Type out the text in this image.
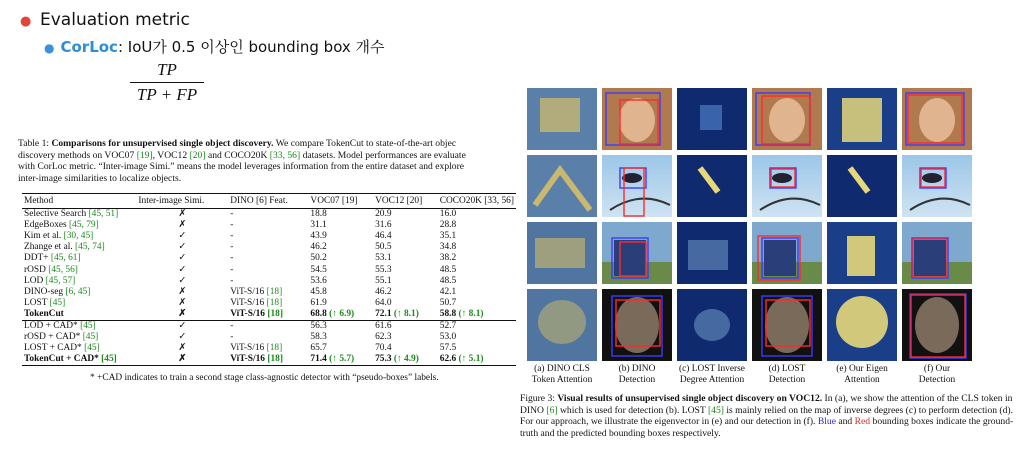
● Evaluation metric
● CorLoc: IoU가 0.5 이상인 bounding box 개수
TP
TP + FP
Table 1: Comparisons for unsupervised single object discovery. We compare TokenCut to state-of-the-art objec
discovery methods on VOC07 [19], VOC12 [20] and COCO20K [33, 56] datasets. Model performances are evaluate
with CorLoc metric. “Inter-image Simi.” means the model leverages information from the entire dataset and explore
inter-image similarities to localize objects.
Method	Inter-image Simi.	DINO [6] Feat.	VOC07 [19]	VOC12 [20]	COCO20K [33, 56]
Selective Search [45, 51]	✗	-	18.8	20.9	16.0
EdgeBoxes [45, 79]	✗	-	31.1	31.6	28.8
Kim et al. [30, 45]	✓	-	43.9	46.4	35.1
Zhange et al. [45, 74]	✓	-	46.2	50.5	34.8
DDT+ [45, 61]	✓	-	50.2	53.1	38.2
rOSD [45, 56]	✓	-	54.5	55.3	48.5
LOD [45, 57]	✓	-	53.6	55.1	48.5
DINO-seg [6, 45]	✗	ViT-S/16 [18]	45.8	46.2	42.1
LOST [45]	✗	ViT-S/16 [18]	61.9	64.0	50.7
TokenCut	✗	ViT-S/16 [18]	68.8 (↑ 6.9)	72.1 (↑ 8.1)	58.8 (↑ 8.1)
LOD + CAD* [45]	✓	-	56.3	61.6	52.7
rOSD + CAD* [45]	✓	-	58.3	62.3	53.0
LOST + CAD* [45]	✗	ViT-S/16 [18]	65.7	70.4	57.5
TokenCut + CAD* [45]	✗	ViT-S/16 [18]	71.4 (↑ 5.7)	75.3 (↑ 4.9)	62.6 (↑ 5.1)
* +CAD indicates to train a second stage class-agnostic detector with “pseudo-boxes” labels.
(a) DINO CLS
Token Attention
(b) DINO
Detection
(c) LOST Inverse
Degree Attention
(d) LOST
Detection
(e) Our Eigen
Attention
(f) Our
Detection
Figure 3: Visual results of unsupervised single object discovery on VOC12. In (a), we show the attention of the CLS token in DINO [6] which is used for detection (b). LOST [45] is mainly relied on the map of inverse degrees (c) to perform detection (d). For our approach, we illustrate the eigenvector in (e) and our detection in (f). Blue and Red bounding boxes indicate the ground-truth and the predicted bounding boxes respectively.
